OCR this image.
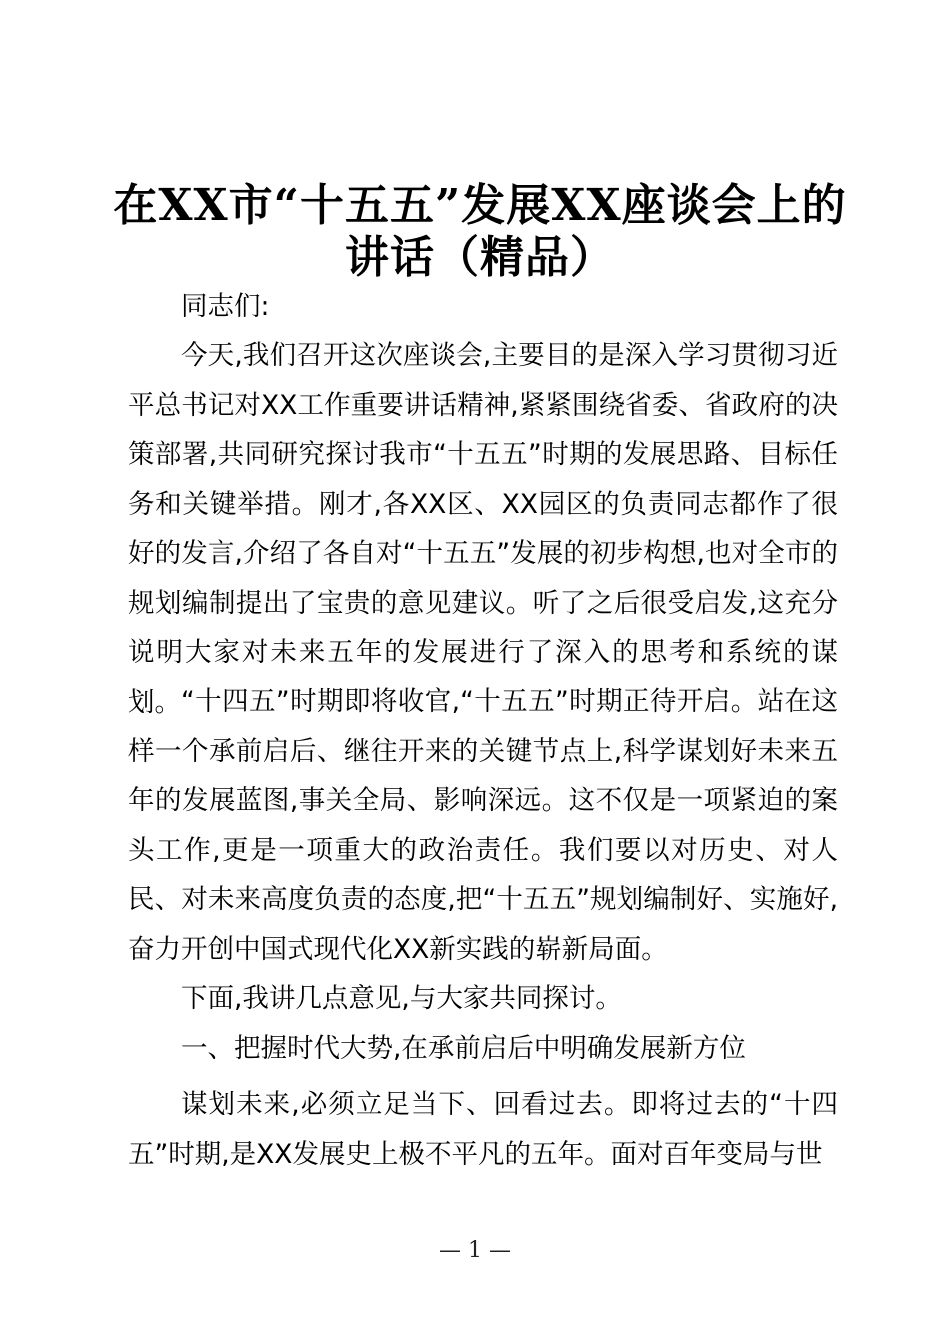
在XX市“十五五”发展XX座谈会上的
讲话（精品）

同志们:

今天,我们召开这次座谈会,主要目的是深入学习贯彻习近平总书记对XX工作重要讲话精神,紧紧围绕省委、省政府的决策部署,共同研究探讨我市“十五五”时期的发展思路、目标任务和关键举措。刚才,各XX区、XX园区的负责同志都作了很好的发言,介绍了各自对“十五五”发展的初步构想,也对全市的规划编制提出了宝贵的意见建议。听了之后很受启发,这充分说明大家对未来五年的发展进行了深入的思考和系统的谋划。 “十四五”时期即将收官,“十五五”时期正待开启。站在这样一个承前启后、继往开来的关键节点上,科学谋划好未来五年的发展蓝图,事关全局、影响深远。这不仅是一项紧迫的案头工作,更是一项重大的政治责任。我们要以对历史、对人民、对未来高度负责的态度,把“十五五”规划编制好、实施好,奋力开创中国式现代化XX新实践的崭新局面。

下面,我讲几点意见,与大家共同探讨。

一、把握时代大势,在承前启后中明确发展新方位

谋划未来,必须立足当下、回看过去。即将过去的“十四五”时期,是XX发展史上极不平凡的五年。面对百年变局与世

— 1 —
